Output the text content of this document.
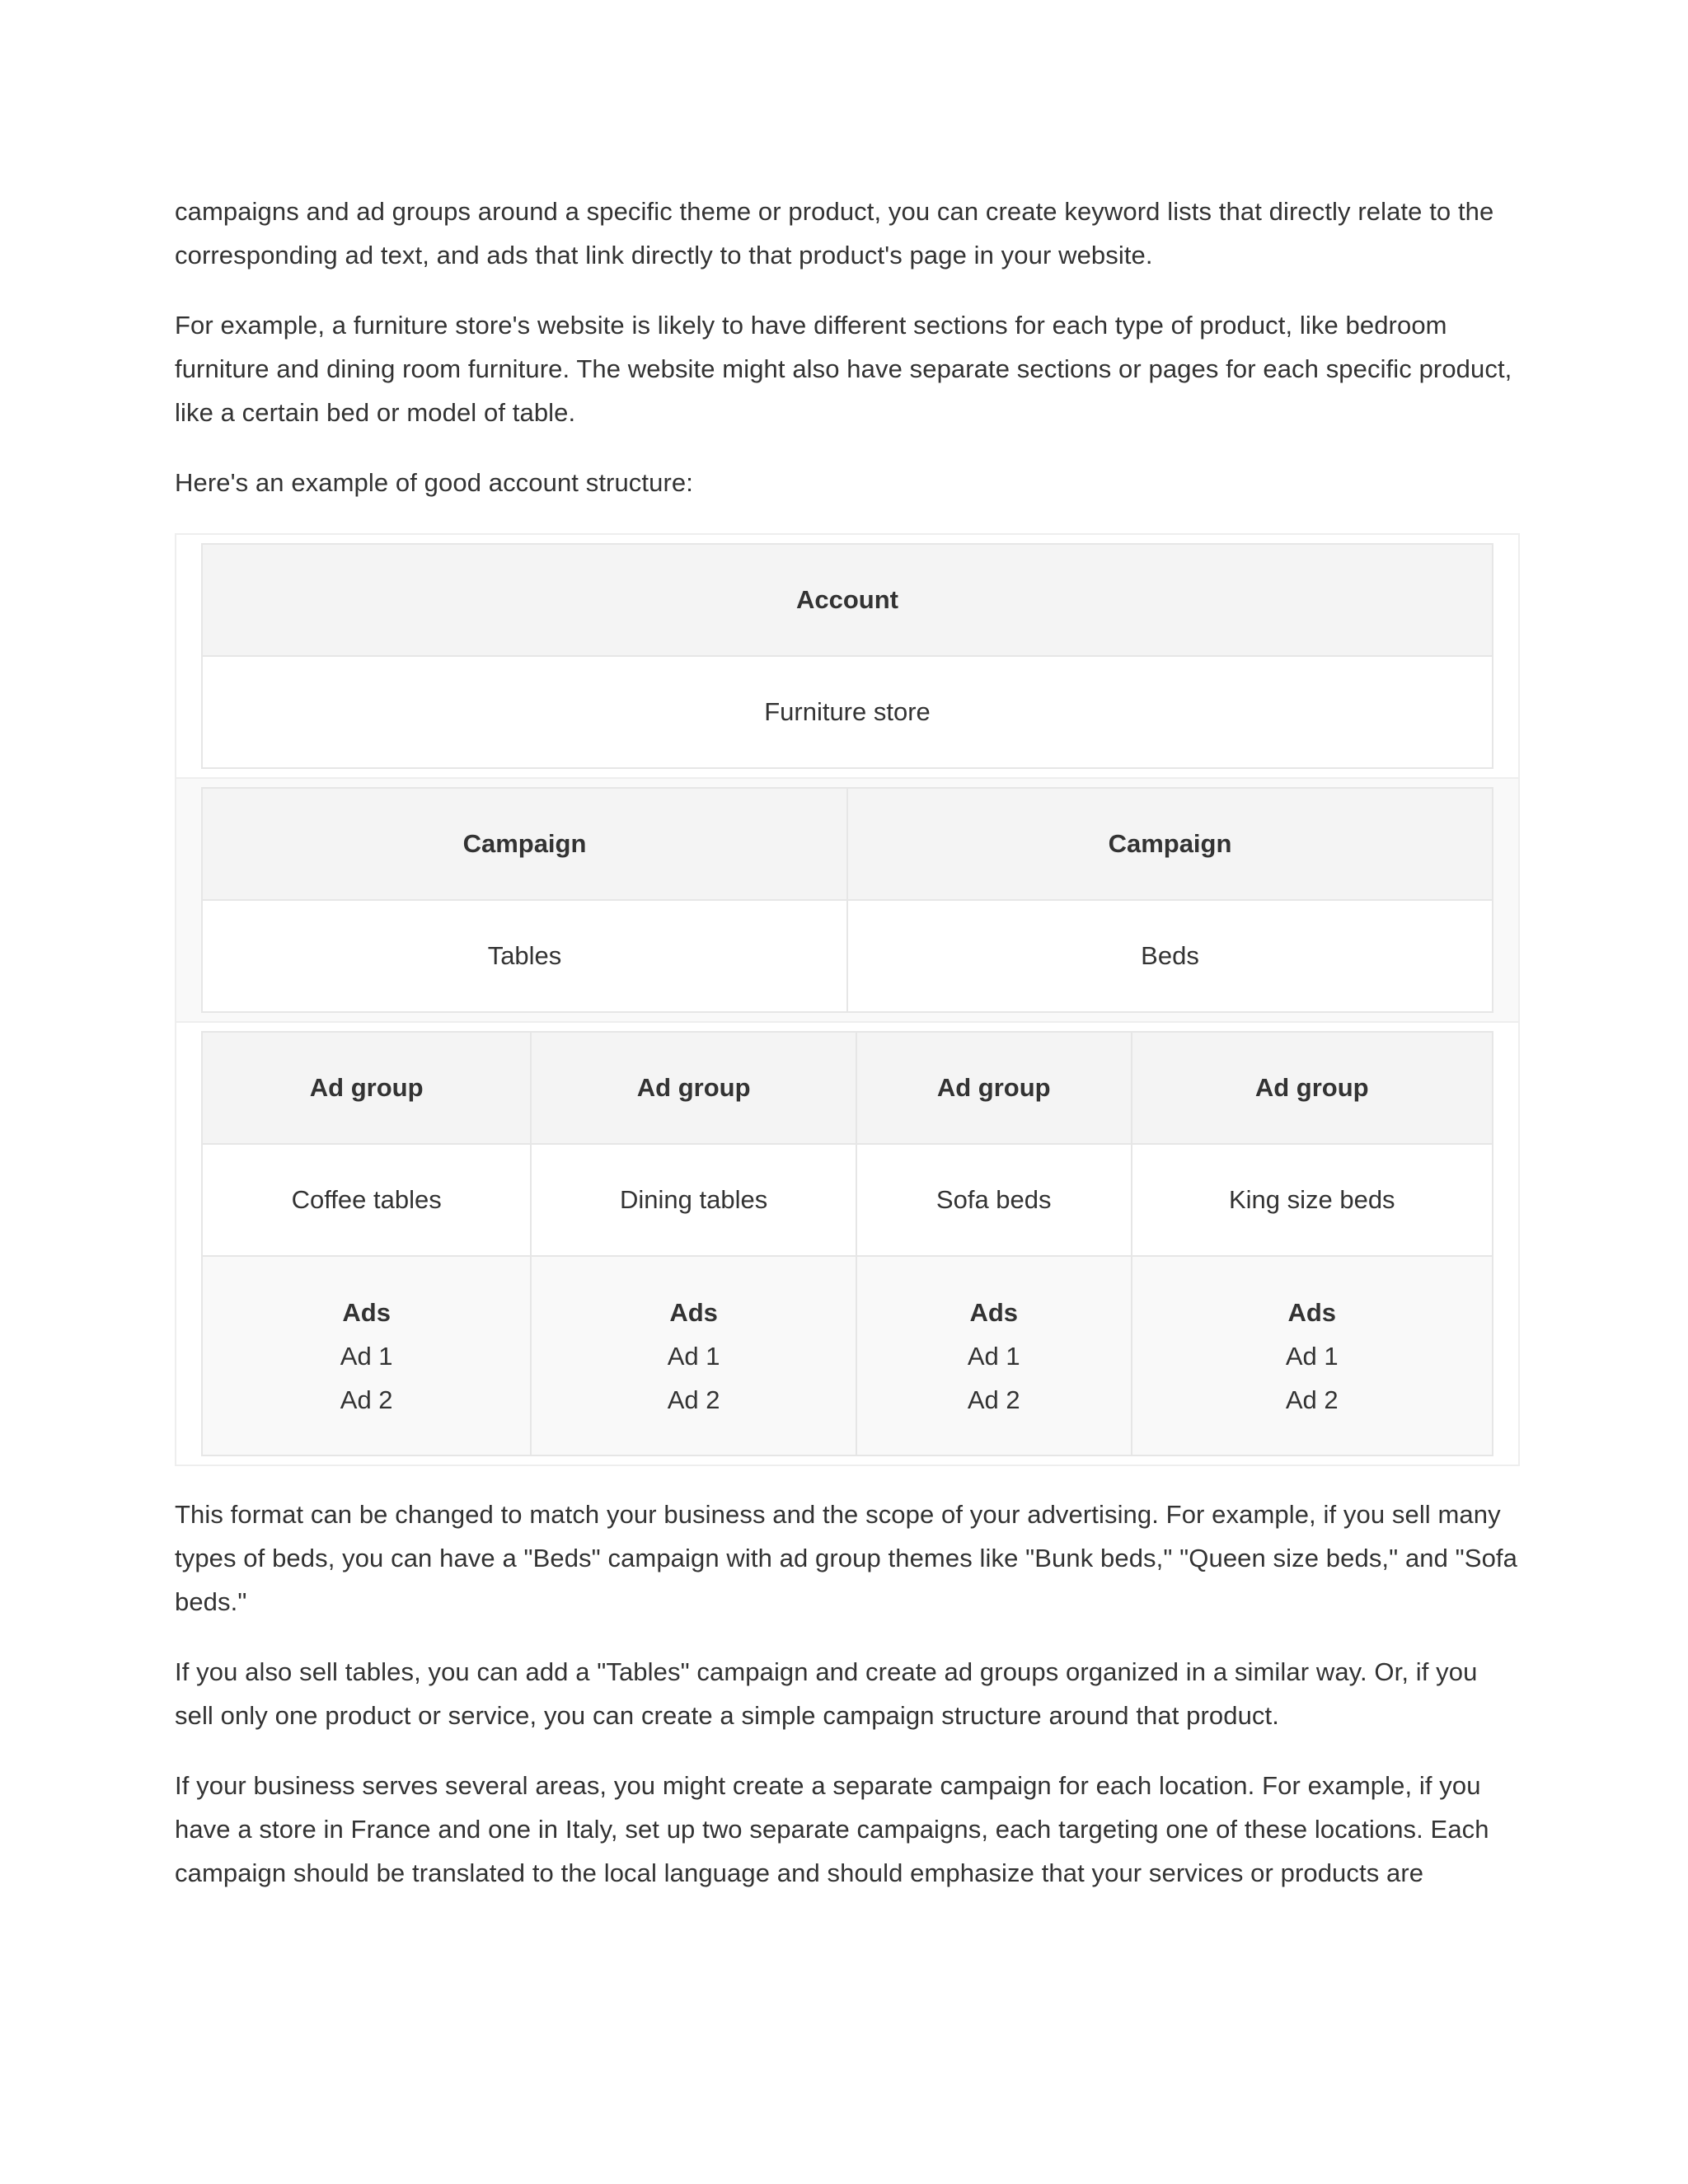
campaigns and ad groups around a specific theme or product, you can create keyword lists that directly relate to the corresponding ad text, and ads that link directly to that product's page in your website.

For example, a furniture store's website is likely to have different sections for each type of product, like bedroom furniture and dining room furniture. The website might also have separate sections or pages for each specific product, like a certain bed or model of table.

Here's an example of good account structure:

Account
Furniture store
Campaign	Campaign
Tables	Beds
Ad group	Ad group	Ad group	Ad group
Coffee tables	Dining tables	Sofa beds	King size beds

Ads
Ad 1
Ad 2	Ads
Ad 1
Ad 2	Ads
Ad 1
Ad 2	Ads
Ad 1
Ad 2

This format can be changed to match your business and the scope of your advertising. For example, if you sell many types of beds, you can have a "Beds" campaign with ad group themes like "Bunk beds," "Queen size beds," and "Sofa beds."

If you also sell tables, you can add a "Tables" campaign and create ad groups organized in a similar way. Or, if you sell only one product or service, you can create a simple campaign structure around that product.

If your business serves several areas, you might create a separate campaign for each location. For example, if you have a store in France and one in Italy, set up two separate campaigns, each targeting one of these locations. Each campaign should be translated to the local language and should emphasize that your services or products are
